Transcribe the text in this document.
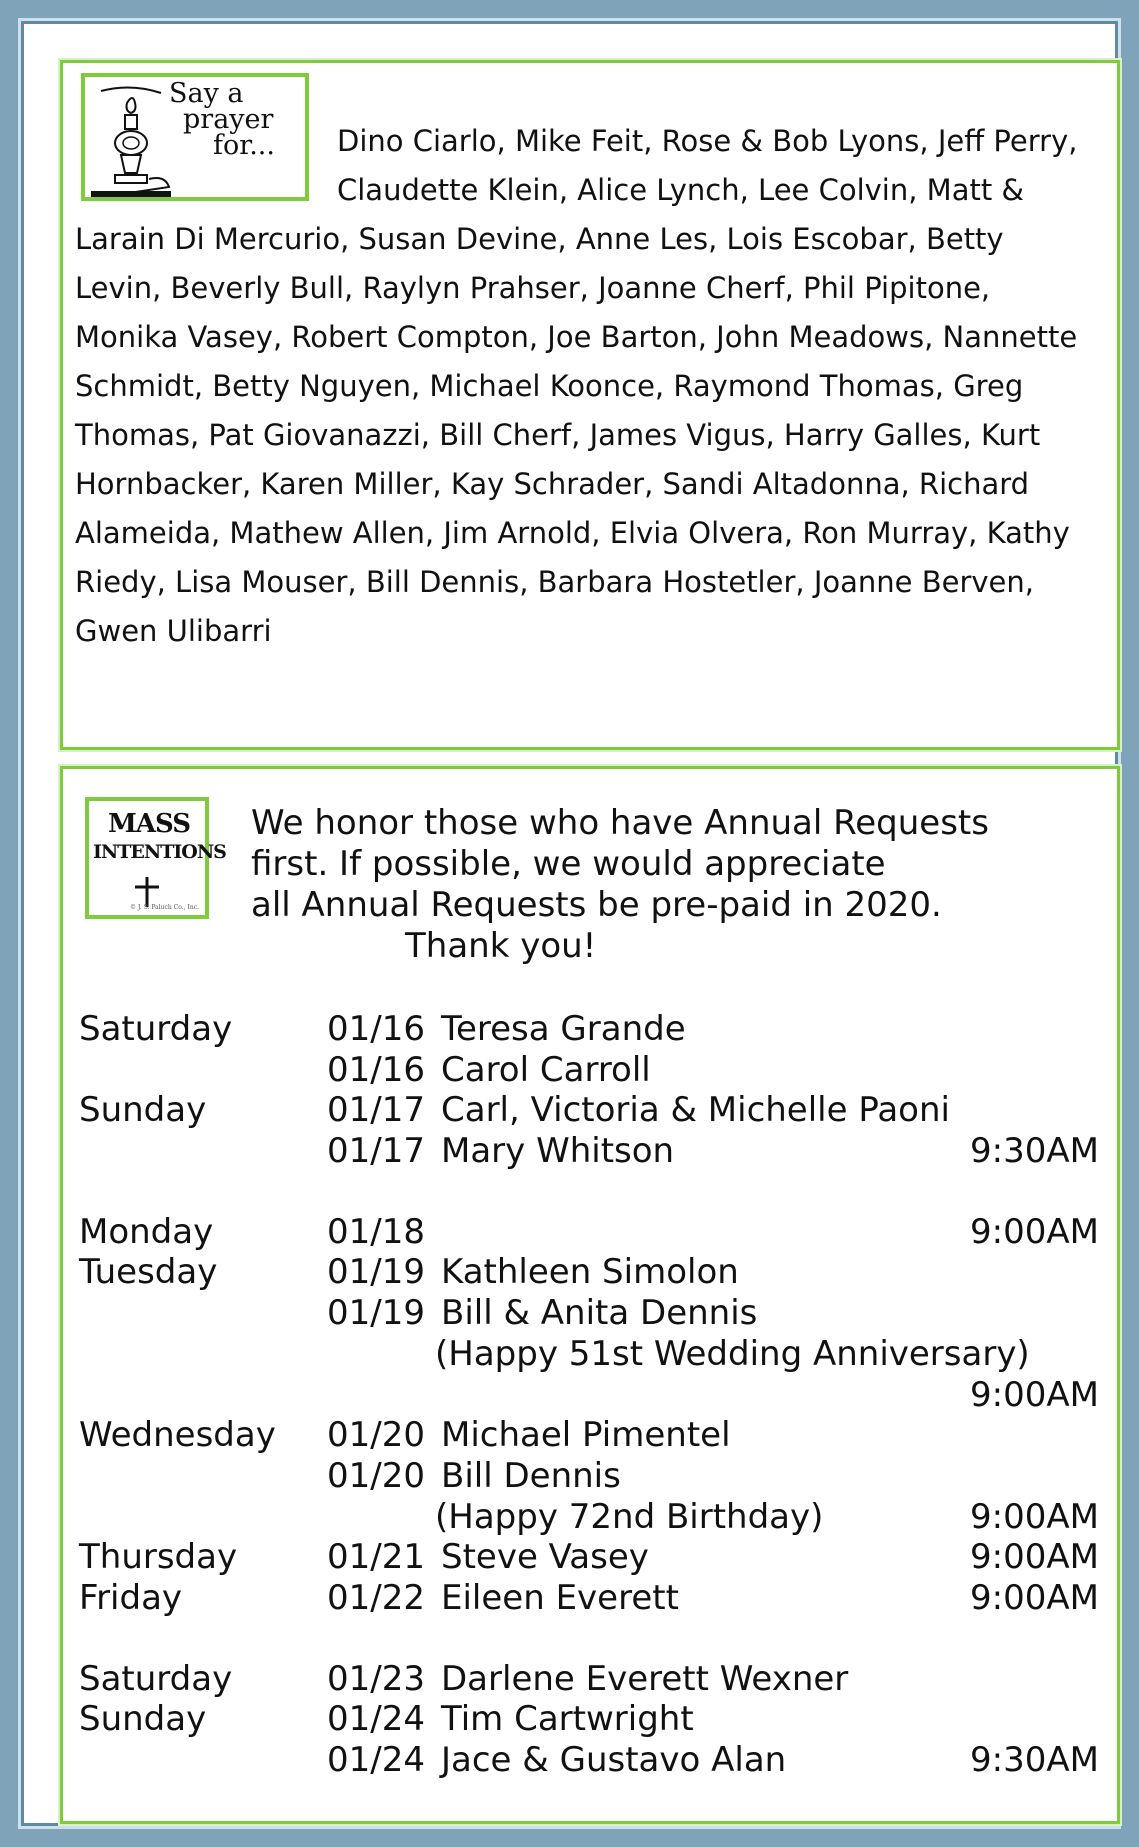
Say a
prayer
for...	Dino Ciarlo, Mike Feit, Rose & Bob Lyons, Jeff Perry, Claudette Klein, Alice Lynch, Lee Colvin, Matt & Larain Di Mercurio, Susan Devine, Anne Les, Lois Escobar, Betty Levin, Beverly Bull, Raylyn Prahser, Joanne Cherf, Phil Pipitone, Monika Vasey, Robert Compton, Joe Barton, John Meadows, Nannette Schmidt, Betty Nguyen, Michael Koonce, Raymond Thomas, Greg Thomas, Pat Giovanazzi, Bill Cherf, James Vigus, Harry Galles, Kurt Hornbacker, Karen Miller, Kay Schrader, Sandi Altadonna, Richard Alameida, Mathew Allen, Jim Arnold, Elvia Olvera, Ron Murray, Kathy Riedy, Lisa Mouser, Bill Dennis, Barbara Hostetler, Joanne Berven, Gwen Ulibarri

MASS
INTENTIONS
© J. S. Paluch Co., Inc.
We honor those who have Annual Requests
first. If possible, we would appreciate
all Annual Requests be pre-paid in 2020.
Thank you!
Saturday	01/16 Teresa Grande
01/16 Carol Carroll
Sunday	01/17 Carl, Victoria & Michelle Paoni
01/17 Mary Whitson	9:30AM
Monday	01/18	9:00AM
Tuesday	01/19 Kathleen Simolon
01/19 Bill & Anita Dennis
(Happy 51st Wedding Anniversary)
9:00AM
Wednesday 01/20 Michael Pimentel
01/20 Bill Dennis
(Happy 72nd Birthday)	9:00AM
Thursday	01/21 Steve Vasey	9:00AM
Friday	01/22 Eileen Everett	9:00AM
Saturday	01/23 Darlene Everett Wexner
Sunday	01/24 Tim Cartwright
01/24 Jace & Gustavo Alan	9:30AM
